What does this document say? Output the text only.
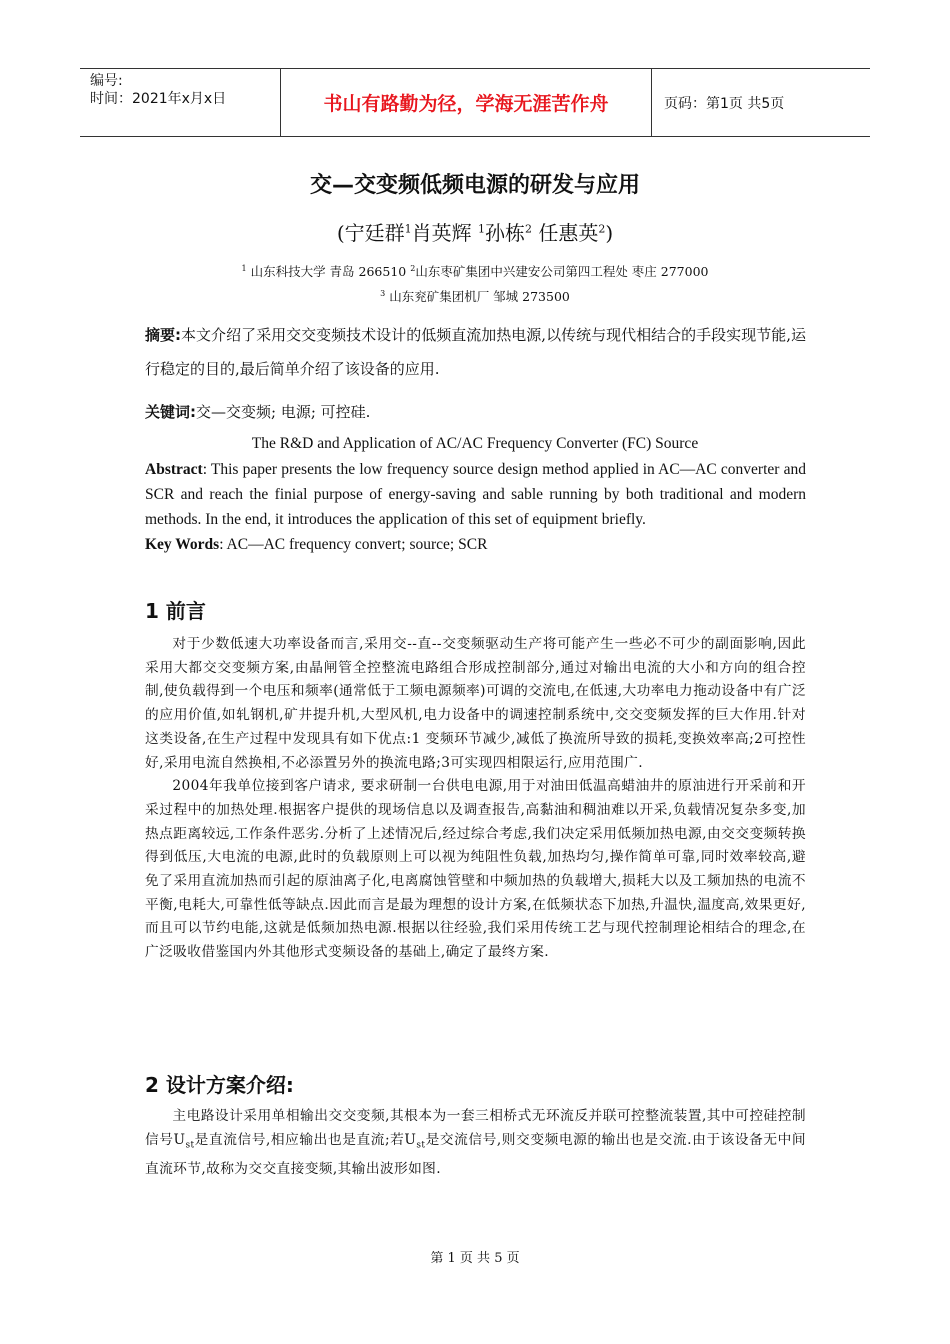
编号:
时间：2021年x月x日	书山有路勤为径，学海无涯苦作舟	页码：第1页 共5页
交—交变频低频电源的研发与应用
(宁廷群$^1$肖英辉 $^1$孙栋$^2$ 任惠英$^2$)
$^1$ 山东科技大学 青岛 266510 $^2$山东枣矿集团中兴建安公司第四工程处 枣庄 277000
$^3$ 山东兖矿集团机厂 邹城 273500
摘要:本文介绍了采用交交变频技术设计的低频直流加热电源,以传统与现代相结合的手段实现节能,运行稳定的目的,最后简单介绍了该设备的应用.
关键词:交—交变频; 电源; 可控硅.
The R&D and Application of AC/AC Frequency Converter (FC) Source
Abstract: This paper presents the low frequency source design method applied in AC—AC converter and SCR and reach the finial purpose of energy-saving and sable running by both traditional and modern methods. In the end, it introduces the application of this set of equipment briefly.
Key Words: AC—AC frequency convert; source; SCR
1 前言

对于少数低速大功率设备而言,采用交--直--交变频驱动生产将可能产生一些必不可少的副面影响,因此采用大都交交变频方案,由晶闸管全控整流电路组合形成控制部分,通过对输出电流的大小和方向的组合控制,使负载得到一个电压和频率(通常低于工频电源频率)可调的交流电,在低速,大功率电力拖动设备中有广泛的应用价值,如轧钢机,矿井提升机,大型风机,电力设备中的调速控制系统中,交交变频发挥的巨大作用.针对这类设备,在生产过程中发现具有如下优点:1 变频环节减少,减低了换流所导致的损耗,变换效率高;2可控性好,采用电流自然换相,不必添置另外的换流电路;3可实现四相限运行,应用范围广.

2004年我单位接到客户请求, 要求研制一台供电电源,用于对油田低温高蜡油井的原油进行开采前和开采过程中的加热处理.根据客户提供的现场信息以及调查报告,高黏油和稠油难以开采,负载情况复杂多变,加热点距离较远,工作条件恶劣.分析了上述情况后,经过综合考虑,我们决定采用低频加热电源,由交交变频转换得到低压,大电流的电源,此时的负载原则上可以视为纯阻性负载,加热均匀,操作简单可靠,同时效率较高,避免了采用直流加热而引起的原油离子化,电离腐蚀管壁和中频加热的负载增大,损耗大以及工频加热的电流不平衡,电耗大,可靠性低等缺点.因此而言是最为理想的设计方案,在低频状态下加热,升温快,温度高,效果更好,而且可以节约电能,这就是低频加热电源.根据以往经验,我们采用传统工艺与现代控制理论相结合的理念,在广泛吸收借鉴国内外其他形式变频设备的基础上,确定了最终方案.

2 设计方案介绍:

主电路设计采用单相输出交交变频,其根本为一套三相桥式无环流反并联可控整流装置,其中可控硅控制信号$U_{st}$是直流信号,相应输出也是直流;若$U_{st}$是交流信号,则交变频电源的输出也是交流.由于该设备无中间直流环节,故称为交交直接变频,其输出波形如图.

第 1 页 共 5 页
